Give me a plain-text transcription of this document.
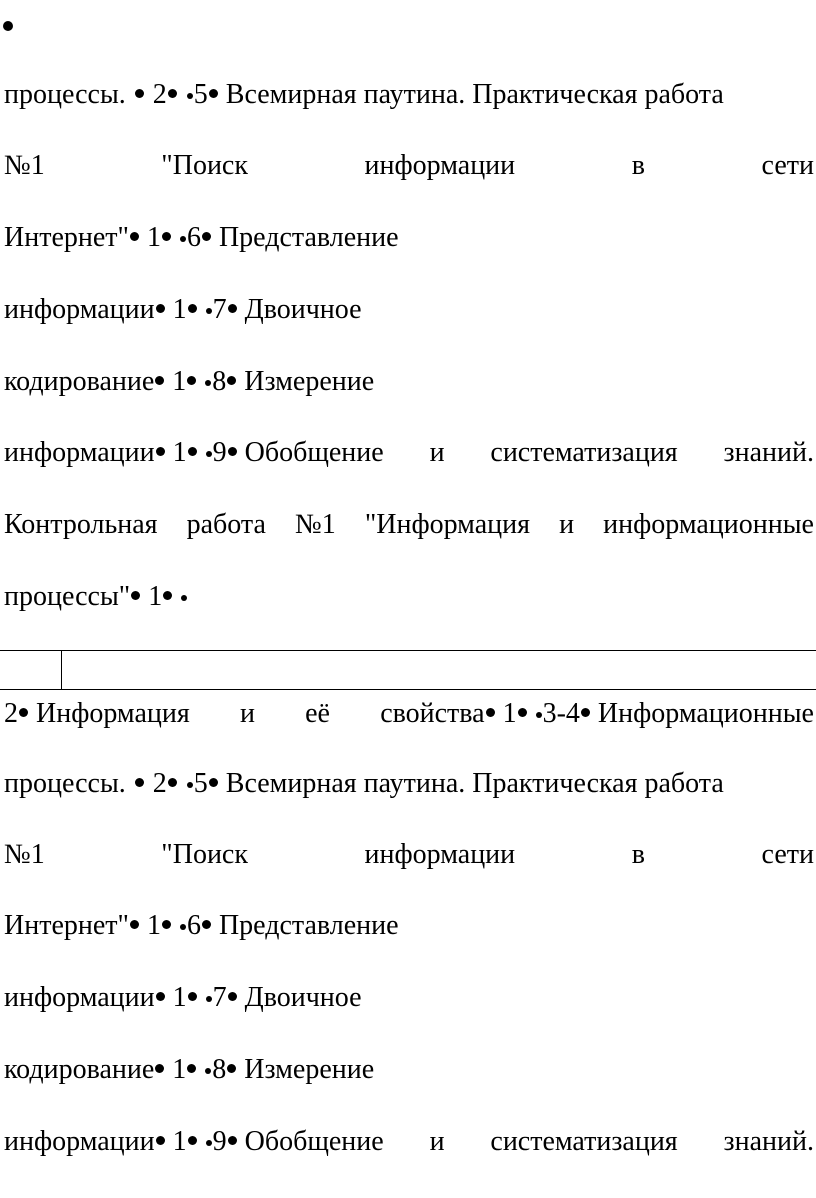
процессы. 2 5 Всемирная паутина. Практическая работа
№1	"Поиск	информации	в	сети
Интернет" 1 6 Представление
информации 1 7 Двоичное
кодирование 1 8 Измерение
информации 1 9 Обобщение и систематизация знаний.
Контрольная работа №1 "Информация и информационные
процессы" 1
2 Информация и её свойства 1 3-4 Информационные
процессы. 2 5 Всемирная паутина. Практическая работа
№1	"Поиск	информации	в	сети
Интернет" 1 6 Представление
информации 1 7 Двоичное
кодирование 1 8 Измерение
информации 1 9 Обобщение и систематизация знаний.
